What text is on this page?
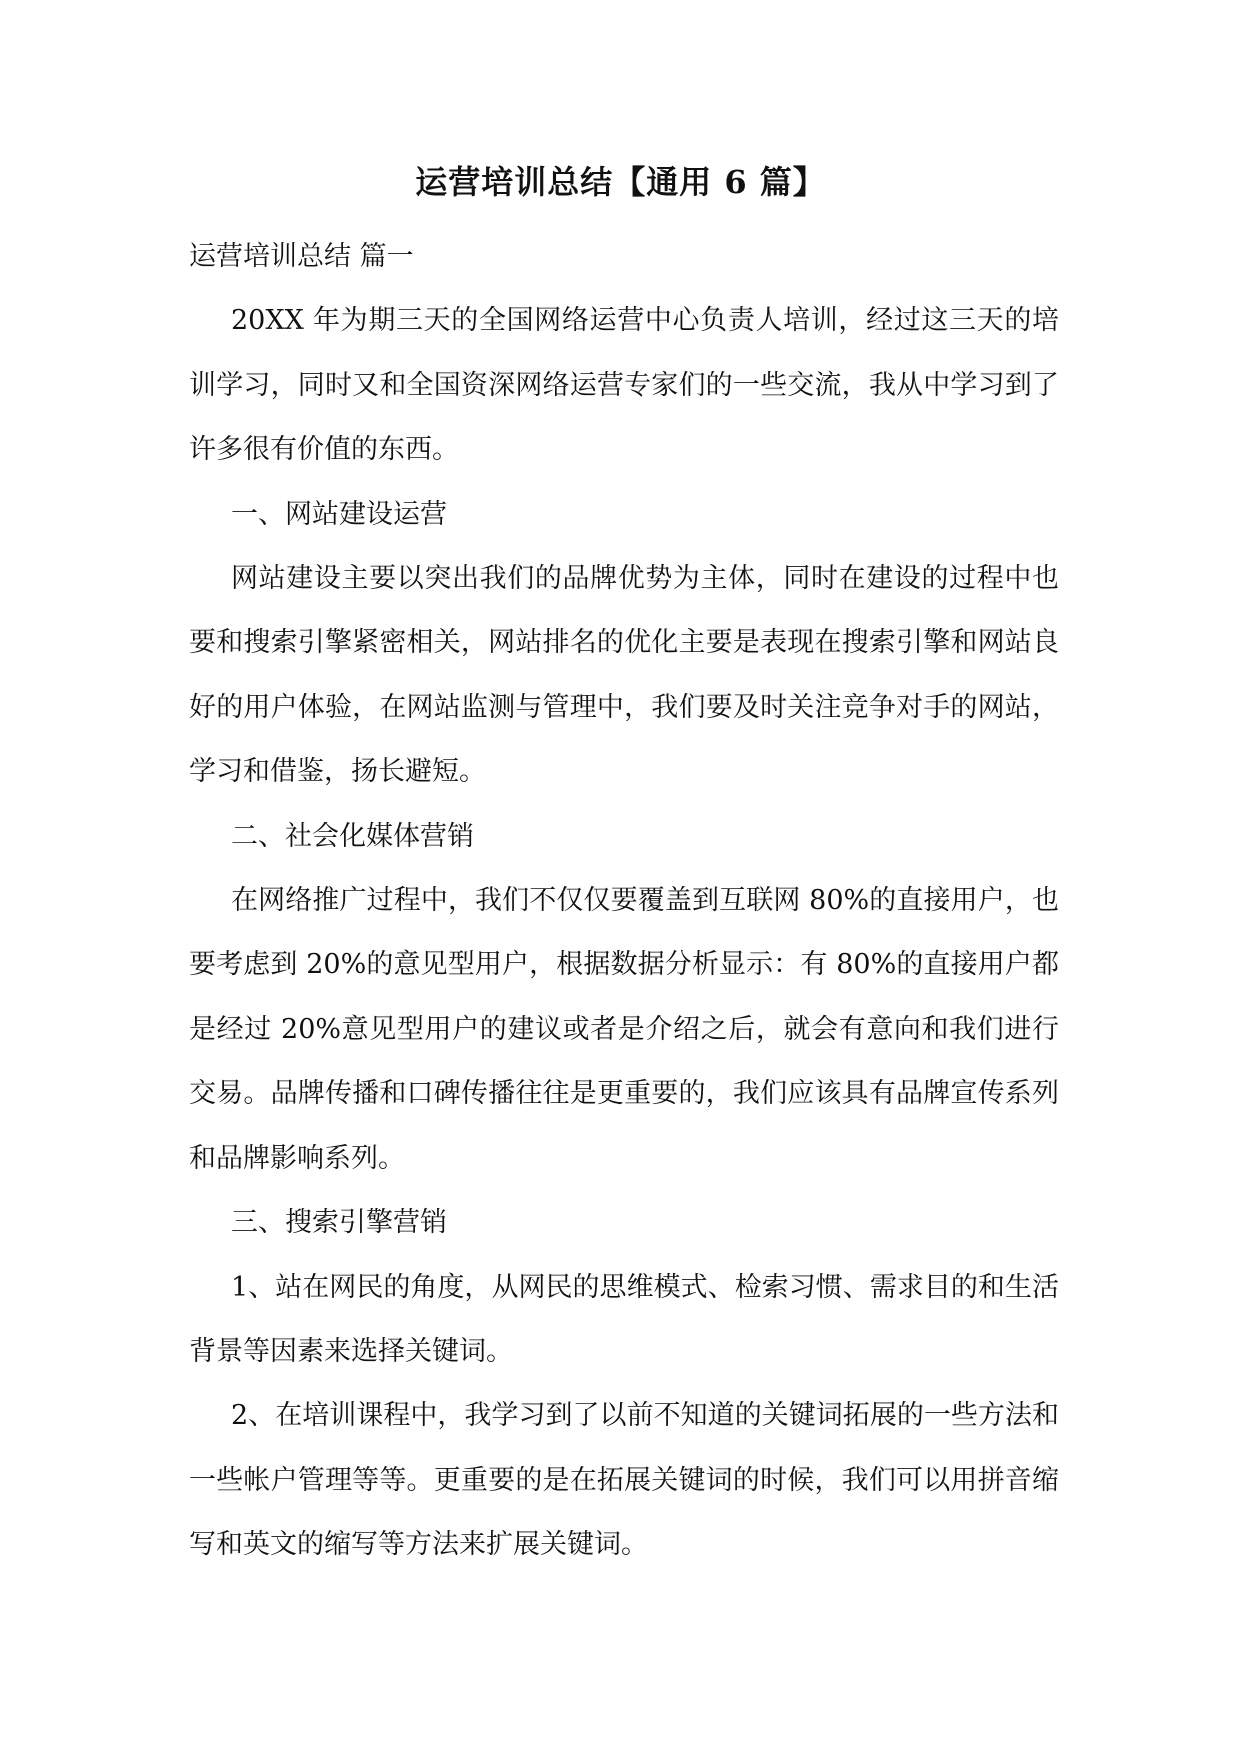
运营培训总结【通用 6 篇】

运营培训总结 篇一

20XX 年为期三天的全国网络运营中心负责人培训，经过这三天的培训学习，同时又和全国资深网络运营专家们的一些交流，我从中学习到了许多很有价值的东西。

一、网站建设运营

网站建设主要以突出我们的品牌优势为主体，同时在建设的过程中也要和搜索引擎紧密相关，网站排名的优化主要是表现在搜索引擎和网站良好的用户体验，在网站监测与管理中，我们要及时关注竞争对手的网站，学习和借鉴，扬长避短。

二、社会化媒体营销

在网络推广过程中，我们不仅仅要覆盖到互联网 80%的直接用户，也要考虑到 20%的意见型用户，根据数据分析显示：有 80%的直接用户都是经过 20%意见型用户的建议或者是介绍之后，就会有意向和我们进行交易。品牌传播和口碑传播往往是更重要的，我们应该具有品牌宣传系列和品牌影响系列。

三、搜索引擎营销

1、站在网民的角度，从网民的思维模式、检索习惯、需求目的和生活背景等因素来选择关键词。

2、在培训课程中，我学习到了以前不知道的关键词拓展的一些方法和一些帐户管理等等。更重要的是在拓展关键词的时候，我们可以用拼音缩写和英文的缩写等方法来扩展关键词。
